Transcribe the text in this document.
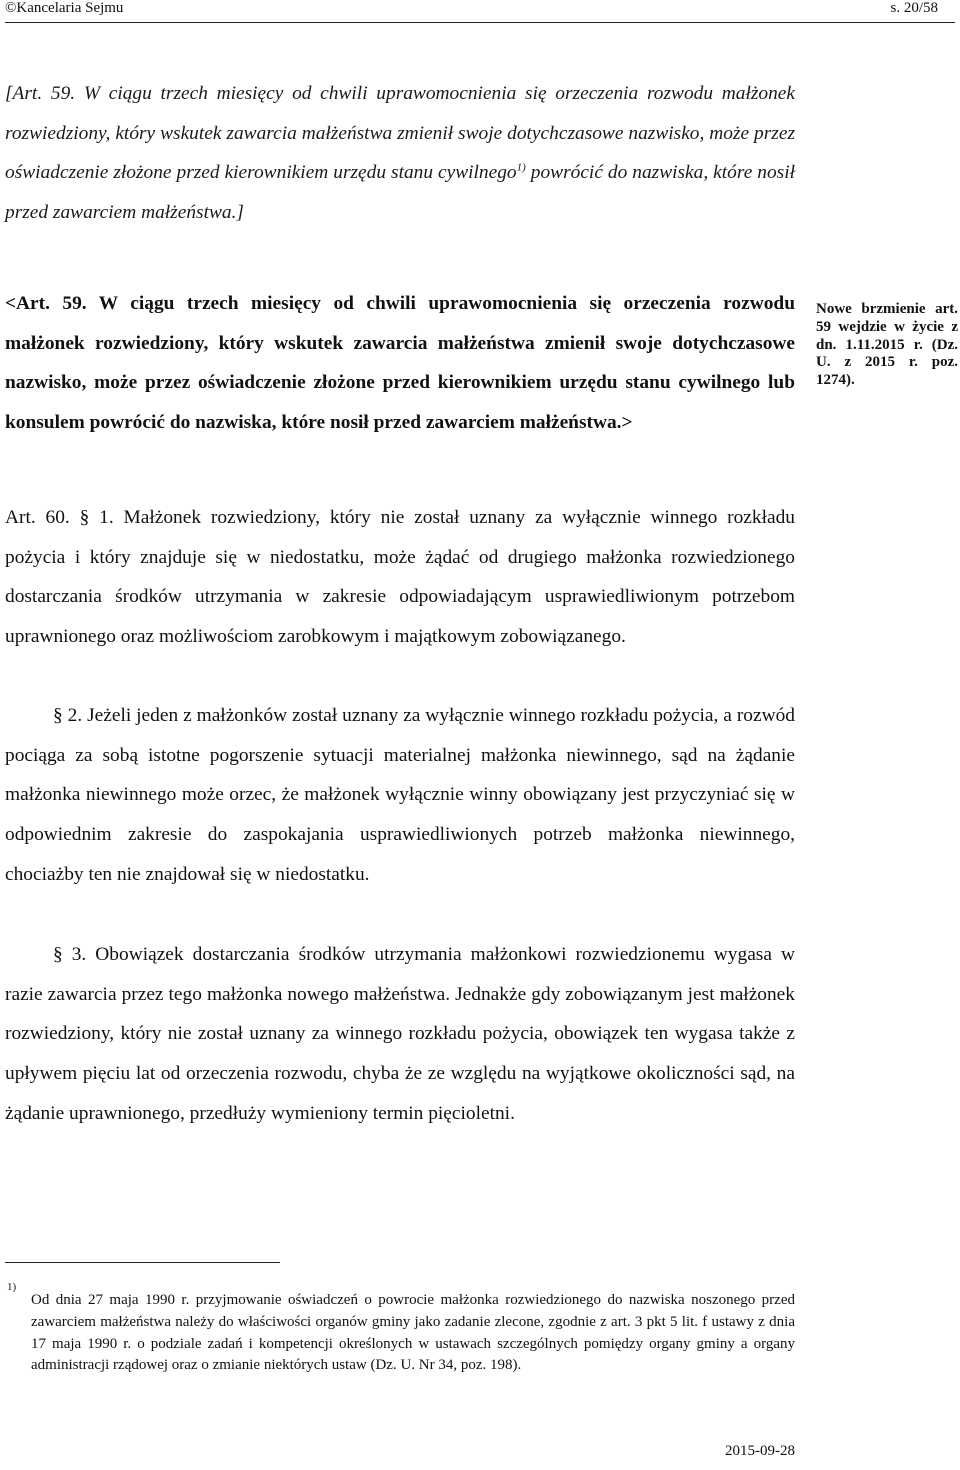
©Kancelaria Sejmu	s. 20/58
[Art. 59. W ciągu trzech miesięcy od chwili uprawomocnienia się orzeczenia rozwodu małżonek rozwiedziony, który wskutek zawarcia małżeństwa zmienił swoje dotychczasowe nazwisko, może przez oświadczenie złożone przed kierownikiem urzędu stanu cywilnego$^{1)}$ powrócić do nazwiska, które nosił przed zawarciem małżeństwa.]
<Art. 59. W ciągu trzech miesięcy od chwili uprawomocnienia się orzeczenia rozwodu małżonek rozwiedziony, który wskutek zawarcia małżeństwa zmienił swoje dotychczasowe nazwisko, może przez oświadczenie złożone przed kierownikiem urzędu stanu cywilnego lub konsulem powrócić do nazwiska, które nosił przed zawarciem małżeństwa.>
Nowe brzmienie art. 59 wejdzie w życie z dn. 1.11.2015 r. (Dz. U. z 2015 r. poz. 1274).
Art. 60. § 1. Małżonek rozwiedziony, który nie został uznany za wyłącznie winnego rozkładu pożycia i który znajduje się w niedostatku, może żądać od drugiego małżonka rozwiedzionego dostarczania środków utrzymania w zakresie odpowiadającym usprawiedliwionym potrzebom uprawnionego oraz możliwościom zarobkowym i majątkowym zobowiązanego.
§ 2. Jeżeli jeden z małżonków został uznany za wyłącznie winnego rozkładu pożycia, a rozwód pociąga za sobą istotne pogorszenie sytuacji materialnej małżonka niewinnego, sąd na żądanie małżonka niewinnego może orzec, że małżonek wyłącznie winny obowiązany jest przyczyniać się w odpowiednim zakresie do zaspokajania usprawiedliwionych potrzeb małżonka niewinnego, chociażby ten nie znajdował się w niedostatku.
§ 3. Obowiązek dostarczania środków utrzymania małżonkowi rozwiedzionemu wygasa w razie zawarcia przez tego małżonka nowego małżeństwa. Jednakże gdy zobowiązanym jest małżonek rozwiedziony, który nie został uznany za winnego rozkładu pożycia, obowiązek ten wygasa także z upływem pięciu lat od orzeczenia rozwodu, chyba że ze względu na wyjątkowe okoliczności sąd, na żądanie uprawnionego, przedłuży wymieniony termin pięcioletni.
1)
Od dnia 27 maja 1990 r. przyjmowanie oświadczeń o powrocie małżonka rozwiedzionego do nazwiska noszonego przed zawarciem małżeństwa należy do właściwości organów gminy jako zadanie zlecone, zgodnie z art. 3 pkt 5 lit. f ustawy z dnia 17 maja 1990 r. o podziale zadań i kompetencji określonych w ustawach szczególnych pomiędzy organy gminy a organy administracji rządowej oraz o zmianie niektórych ustaw (Dz. U. Nr 34, poz. 198).
2015-09-28
